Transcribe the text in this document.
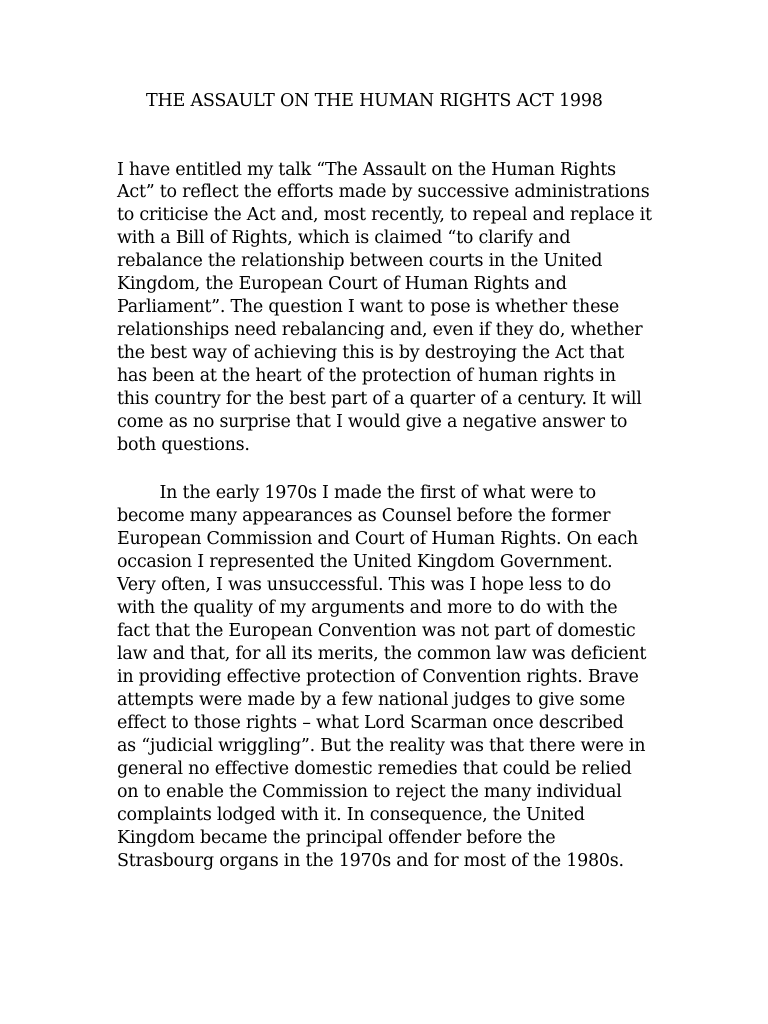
THE ASSAULT ON THE HUMAN RIGHTS ACT 1998
I have entitled my talk “The Assault on the Human Rights
Act” to reflect the efforts made by successive administrations
to criticise the Act and, most recently, to repeal and replace it
with a Bill of Rights, which is claimed “to clarify and
rebalance the relationship between courts in the United
Kingdom, the European Court of Human Rights and
Parliament”. The question I want to pose is whether these
relationships need rebalancing and, even if they do, whether
the best way of achieving this is by destroying the Act that
has been at the heart of the protection of human rights in
this country for the best part of a quarter of a century. It will
come as no surprise that I would give a negative answer to
both questions.
In the early 1970s I made the first of what were to
become many appearances as Counsel before the former
European Commission and Court of Human Rights. On each
occasion I represented the United Kingdom Government.
Very often, I was unsuccessful. This was I hope less to do
with the quality of my arguments and more to do with the
fact that the European Convention was not part of domestic
law and that, for all its merits, the common law was deficient
in providing effective protection of Convention rights. Brave
attempts were made by a few national judges to give some
effect to those rights – what Lord Scarman once described
as “judicial wriggling”. But the reality was that there were in
general no effective domestic remedies that could be relied
on to enable the Commission to reject the many individual
complaints lodged with it. In consequence, the United
Kingdom became the principal offender before the
Strasbourg organs in the 1970s and for most of the 1980s.
